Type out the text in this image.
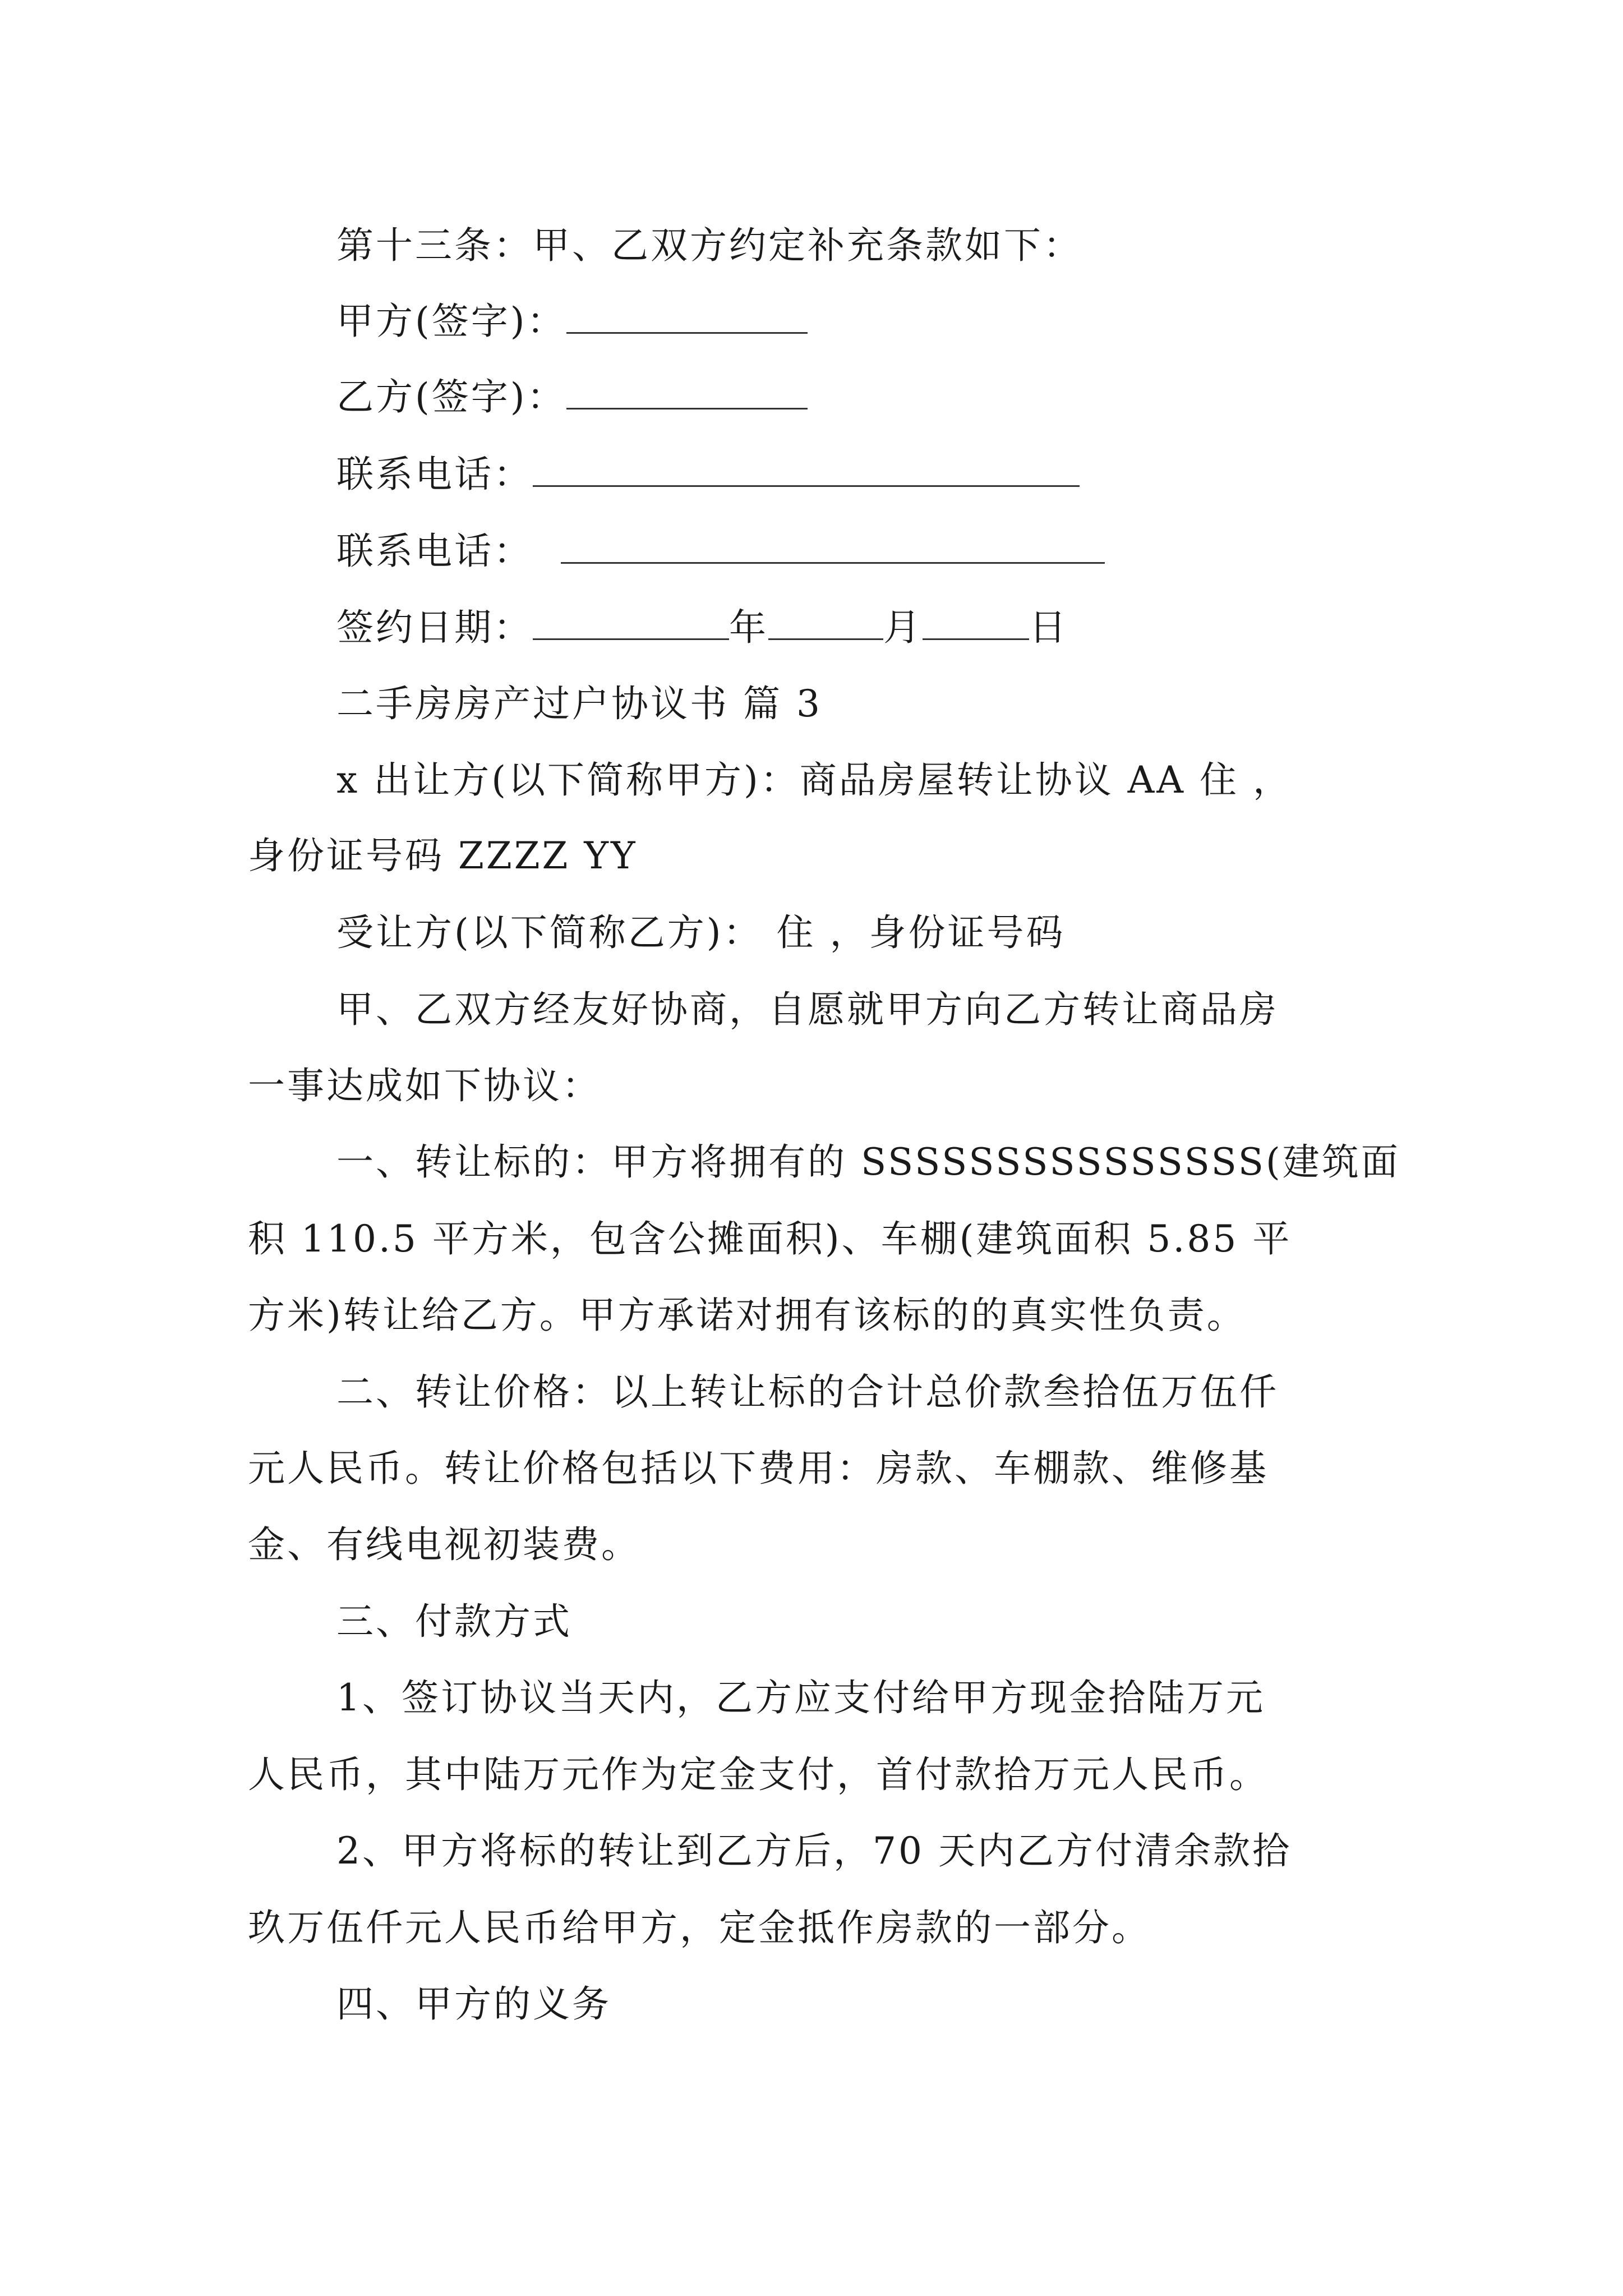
第十三条：甲、乙双方约定补充条款如下：
甲方(签字)：
乙方(签字)：
联系电话：
联系电话：
签约日期：	年	月	日
二手房房产过户协议书 篇 3
x 出让方(以下简称甲方)：商品房屋转让协议 AA 住 ，
身份证号码 ZZZZ YY
受让方(以下简称乙方)： 住 ，身份证号码
甲、乙双方经友好协商，自愿就甲方向乙方转让商品房
一事达成如下协议：
一、转让标的：甲方将拥有的 SSSSSSSSSSSSSSS(建筑面
积 110.5 平方米，包含公摊面积)、车棚(建筑面积 5.85 平
方米)转让给乙方。甲方承诺对拥有该标的的真实性负责。
二、转让价格：以上转让标的合计总价款叁拾伍万伍仟
元人民币。转让价格包括以下费用：房款、车棚款、维修基
金、有线电视初装费。
三、付款方式
1、签订协议当天内，乙方应支付给甲方现金拾陆万元
人民币，其中陆万元作为定金支付，首付款拾万元人民币。
2、甲方将标的转让到乙方后，70 天内乙方付清余款拾
玖万伍仟元人民币给甲方，定金抵作房款的一部分。
四、甲方的义务
